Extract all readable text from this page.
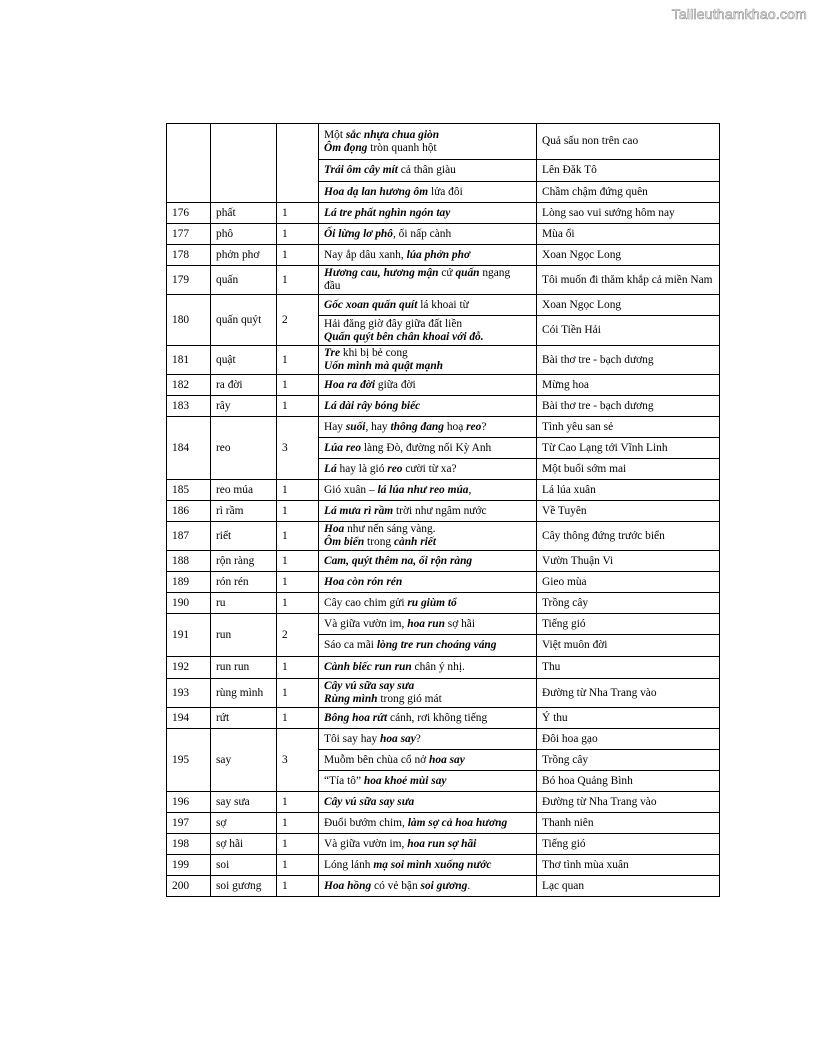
Tailieuthamkhao.com

			Một sắc nhựa chua giòn
Ôm đọng tròn quanh hột	Quả sấu non trên cao

			Trái ôm cây mít cả thân giàu	Lên Đăk Tô

			Hoa dạ lan hương ôm lửa đôi	Chầm chậm đứng quên
176	phất	1	Lá tre phất nghìn ngón tay	Lòng sao vui sướng hôm nay
177	phô	1	Ối lừng lơ phô, ối nấp cành	Mùa ổi
178	phởn phơ	1	Nay ắp dâu xanh, lúa phởn phơ	Xoan Ngọc Long
179	quấn	1	Hương cau, hương mận cứ quấn ngang
đầu	Tôi muốn đi thăm khắp cả miền Nam
180	quấn quýt	2	Gốc xoan quấn quít lá khoai từ	Xoan Ngọc Long

			Hải đăng giờ đây giữa đất liền
Quấn quýt bên chân khoai với đỗ.	Cói Tiền Hải
181	quật	1	Tre khi bị bẻ cong
Uốn mình mà quật mạnh	Bài thơ tre - bạch dương
182	ra đời	1	Hoa ra đời giữa đời	Mừng hoa
183	rây	1	Lá dài rây bóng biếc	Bài thơ tre - bạch dương
184	reo	3	Hay suối, hay thông đang hoạ reo?	Tình yêu san sẻ

			Lúa reo làng Đò, đường nối Kỳ Anh	Từ Cao Lạng tới Vĩnh Linh

			Lá hay là gió reo cười từ xa?	Một buổi sớm mai
185	reo múa	1	Gió xuân – lá lúa như reo múa,	Lá lúa xuân
186	rì rầm	1	Lá mưa rì rầm trời như ngâm nước	Về Tuyên
187	riết	1	Hoa như nến sáng vàng.
Ôm biển trong cành riết	Cây thông đứng trước biển
188	rộn ràng	1	Cam, quýt thêm na, ổi rộn ràng	Vườn Thuận Vi
189	rón rén	1	Hoa còn rón rén	Gieo mùa
190	ru	1	Cây cao chim gửi ru giùm tổ	Trồng cây
191	run	2	Và giữa vườn im, hoa run sợ hãi	Tiếng gió

			Sáo ca mãi lòng tre run choáng váng	Việt muôn đời
192	run run	1	Cành biếc run run chân ý nhị.	Thu
193	rùng mình	1	Cây vú sữa say sưa
Rùng mình trong gió mát	Đường từ Nha Trang vào
194	rứt	1	Bông hoa rứt cánh, rơi không tiếng	Ý thu
195	say	3	Tôi say hay hoa say?	Đôi hoa gạo

			Muỗm bên chùa cổ nở hoa say	Trồng cây

			“Tía tô” hoa khoẻ mùi say	Bó hoa Quảng Bình
196	say sưa	1	Cây vú sữa say sưa	Đường từ Nha Trang vào
197	sợ	1	Đuổi bướm chim, làm sợ cả hoa hương	Thanh niên
198	sợ hãi	1	Và giữa vườn im, hoa run sợ hãi	Tiếng gió
199	soi	1	Lóng lánh mạ soi mình xuống nước	Thơ tình mùa xuân
200	soi gương	1	Hoa hồng có vẻ bận soi gương.	Lạc quan
